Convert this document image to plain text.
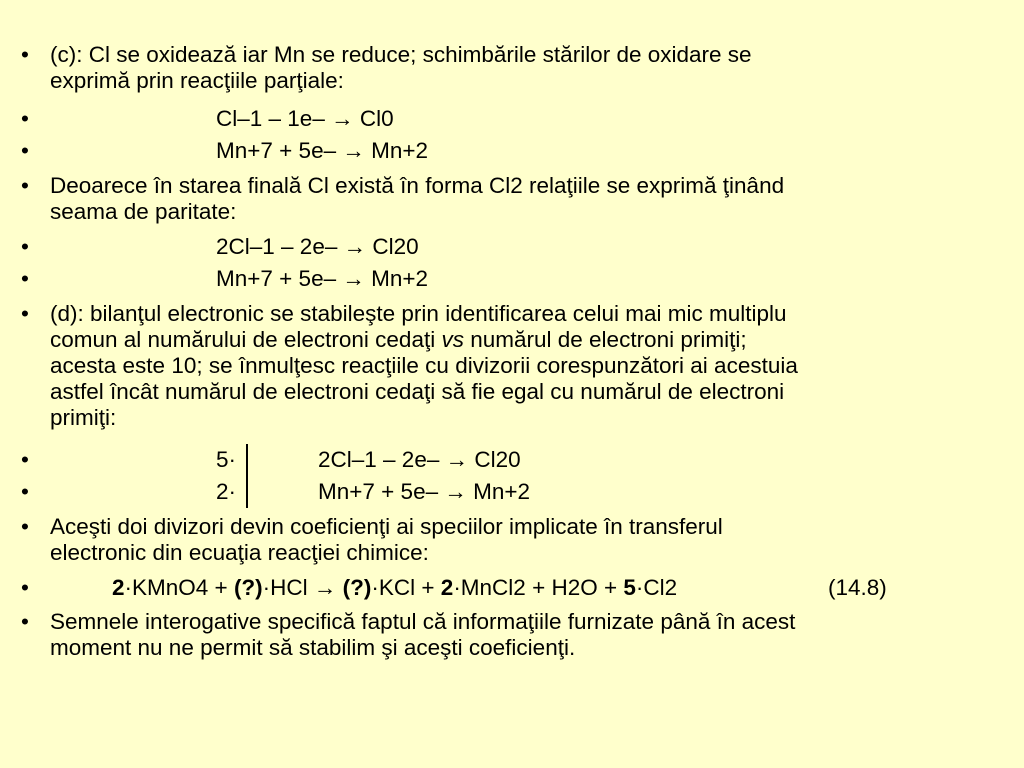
• (c): Cl se oxidează iar Mn se reduce; schimbările stărilor de oxidare se
exprimă prin reacţiile parţiale:
•	Cl–1 – 1e– → Cl0
•	Mn+7 + 5e– → Mn+2
• Deoarece în starea finală Cl există în forma Cl2 relaţiile se exprimă ţinând
seama de paritate:
•	2Cl–1 – 2e– → Cl20
•	Mn+7 + 5e– → Mn+2
• (d): bilanţul electronic se stabileşte prin identificarea celui mai mic multiplu
comun al numărului de electroni cedaţi vs numărul de electroni primiţi;
acesta este 10; se înmulţesc reacţiile cu divizorii corespunzători ai acestuia
astfel încât numărul de electroni cedaţi să fie egal cu numărul de electroni
primiţi:
•	5·	2Cl–1 – 2e– → Cl20
•	2·	Mn+7 + 5e– → Mn+2
• Aceşti doi divizori devin coeficienţi ai speciilor implicate în transferul
electronic din ecuaţia reacţiei chimice:
•	2·KMnO4 + (?)·HCl → (?)·KCl + 2·MnCl2 + H2O + 5·Cl2	(14.8)
• Semnele interogative specifică faptul că informaţiile furnizate până în acest
moment nu ne permit să stabilim şi aceşti coeficienţi.
